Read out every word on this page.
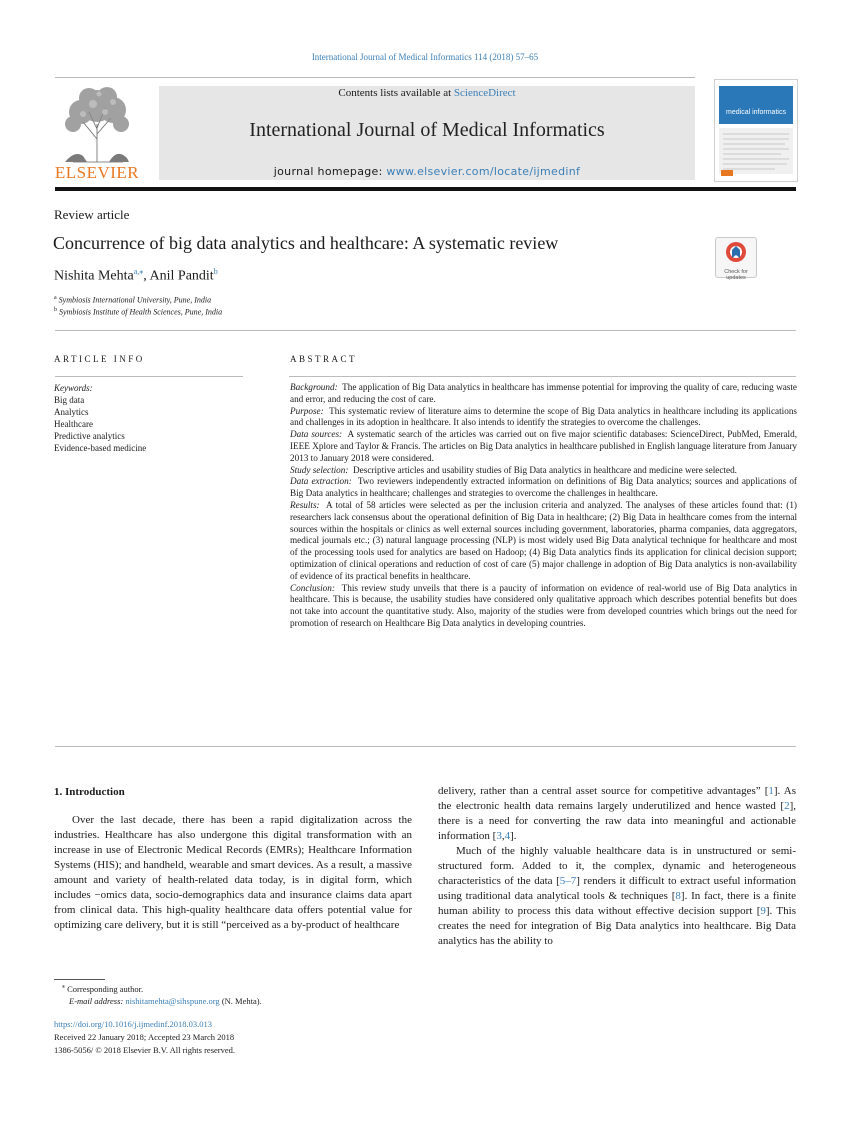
International Journal of Medical Informatics 114 (2018) 57–65
ELSEVIER
Contents lists available at ScienceDirect
International Journal of Medical Informatics
journal homepage: www.elsevier.com/locate/ijmedinf
medical informatics
Review article
Concurrence of big data analytics and healthcare: A systematic review
Check for updates
Nishita Mehta$^{a,⁎}$, Anil Pandit$^b$
$^a$ Symbiosis International University, Pune, India
$^b$ Symbiosis Institute of Health Sciences, Pune, India
ARTICLE INFO	ABSTRACT
Keywords:
Big data
Analytics
Healthcare
Predictive analytics
Evidence-based medicine

Background: The application of Big Data analytics in healthcare has immense potential for improving the quality of care, reducing waste and error, and reducing the cost of care.

Purpose: This systematic review of literature aims to determine the scope of Big Data analytics in healthcare including its applications and challenges in its adoption in healthcare. It also intends to identify the strategies to overcome the challenges.

Data sources: A systematic search of the articles was carried out on five major scientific databases: ScienceDirect, PubMed, Emerald, IEEE Xplore and Taylor & Francis. The articles on Big Data analytics in healthcare published in English language literature from January 2013 to January 2018 were considered.

Study selection: Descriptive articles and usability studies of Big Data analytics in healthcare and medicine were selected.

Data extraction: Two reviewers independently extracted information on definitions of Big Data analytics; sources and applications of Big Data analytics in healthcare; challenges and strategies to overcome the challenges in healthcare.

Results: A total of 58 articles were selected as per the inclusion criteria and analyzed. The analyses of these articles found that: (1) researchers lack consensus about the operational definition of Big Data in healthcare; (2) Big Data in healthcare comes from the internal sources within the hospitals or clinics as well external sources including government, laboratories, pharma companies, data aggregators, medical journals etc.; (3) natural language processing (NLP) is most widely used Big Data analytical technique for healthcare and most of the processing tools used for analytics are based on Hadoop; (4) Big Data analytics finds its application for clinical decision support; optimization of clinical operations and reduction of cost of care (5) major challenge in adoption of Big Data analytics is non-availability of evidence of its practical benefits in healthcare.

Conclusion: This review study unveils that there is a paucity of information on evidence of real-world use of Big Data analytics in healthcare. This is because, the usability studies have considered only qualitative approach which describes potential benefits but does not take into account the quantitative study. Also, majority of the studies were from developed countries which brings out the need for promotion of research on Healthcare Big Data analytics in developing countries.

1. Introduction

Over the last decade, there has been a rapid digitalization across the industries. Healthcare has also undergone this digital transformation with an increase in use of Electronic Medical Records (EMRs); Healthcare Information Systems (HIS); and handheld, wearable and smart devices. As a result, a massive amount and variety of health-related data today, is in digital form, which includes −omics data, socio-demographics data and insurance claims data apart from clinical data. This high-quality healthcare data offers potential value for optimizing care delivery, but it is still “perceived as a by-product of healthcare

delivery, rather than a central asset source for competitive advantages” [1]. As the electronic health data remains largely underutilized and hence wasted [2], there is a need for converting the raw data into meaningful and actionable information [3,4].

Much of the highly valuable healthcare data is in unstructured or semi-structured form. Added to it, the complex, dynamic and heterogeneous characteristics of the data [5–7] renders it difficult to extract useful information using traditional data analytical tools & techniques [8]. In fact, there is a finite human ability to process this data without effective decision support [9]. This creates the need for integration of Big Data analytics into healthcare. Big Data analytics has the ability to

⁎ Corresponding author.
E-mail address: nishitamehta@sihspune.org (N. Mehta).
https://doi.org/10.1016/j.ijmedinf.2018.03.013
Received 22 January 2018; Accepted 23 March 2018
1386-5056/ © 2018 Elsevier B.V. All rights reserved.
